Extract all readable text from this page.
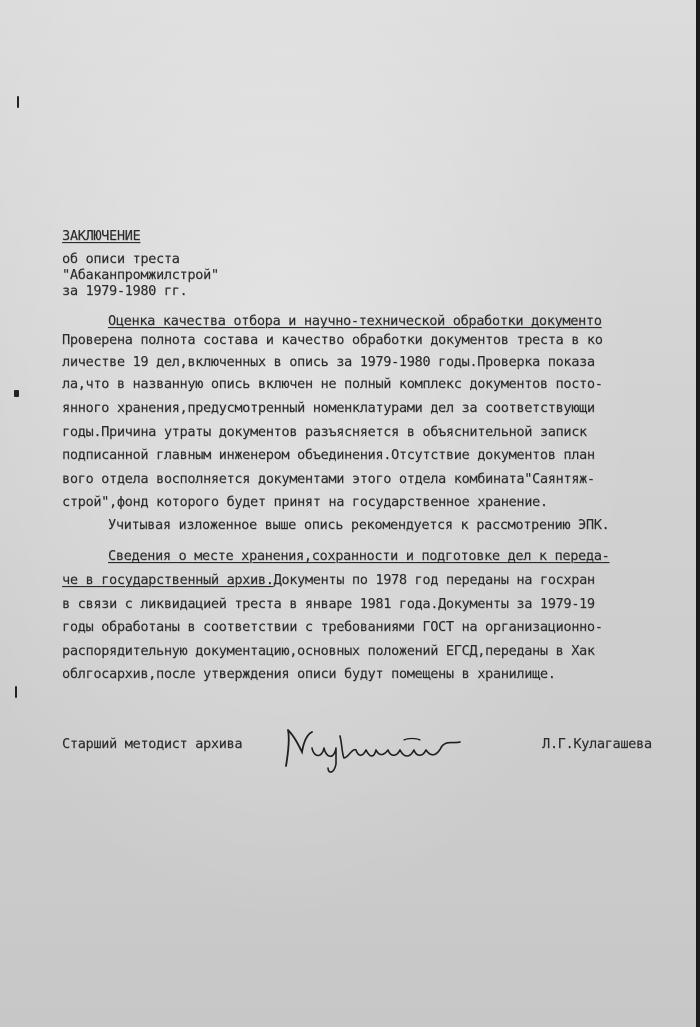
ЗАКЛЮЧЕНИЕ
об описи треста
"Абаканпромжилстрой"
за 1979-1980 гг.
Оценка качества отбора и научно-технической обработки документо
Проверена полнота состава и качество обработки документов треста в ко
личестве 19 дел,включенных в опись за 1979-1980 годы.Проверка показа
ла,что в названную опись включен не полный комплекс документов посто-
янного хранения,предусмотренный номенклатурами дел за соответствующи
годы.Причина утраты документов разъясняется в объяснительной записк
подписанной главным инженером объединения.Отсутствие документов план
вого отдела восполняется документами этого отдела комбината"Саянтяж-
строй",фонд которого будет принят на государственное хранение.
Учитывая изложенное выше опись рекомендуется к рассмотрению ЭПК.
Сведения о месте хранения,сохранности и подготовке дел к переда-
че в государственный архив.Документы по 1978 год переданы на госхран
в связи с ликвидацией треста в январе 1981 года.Документы за 1979-19
годы обработаны в соответствии с требованиями ГОСТ на организационно-
распорядительную документацию,основных положений ЕГСД,переданы в Хак
облгосархив,после утверждения описи будут помещены в хранилище.
Старший методист архива	Л.Г.Кулагашева
